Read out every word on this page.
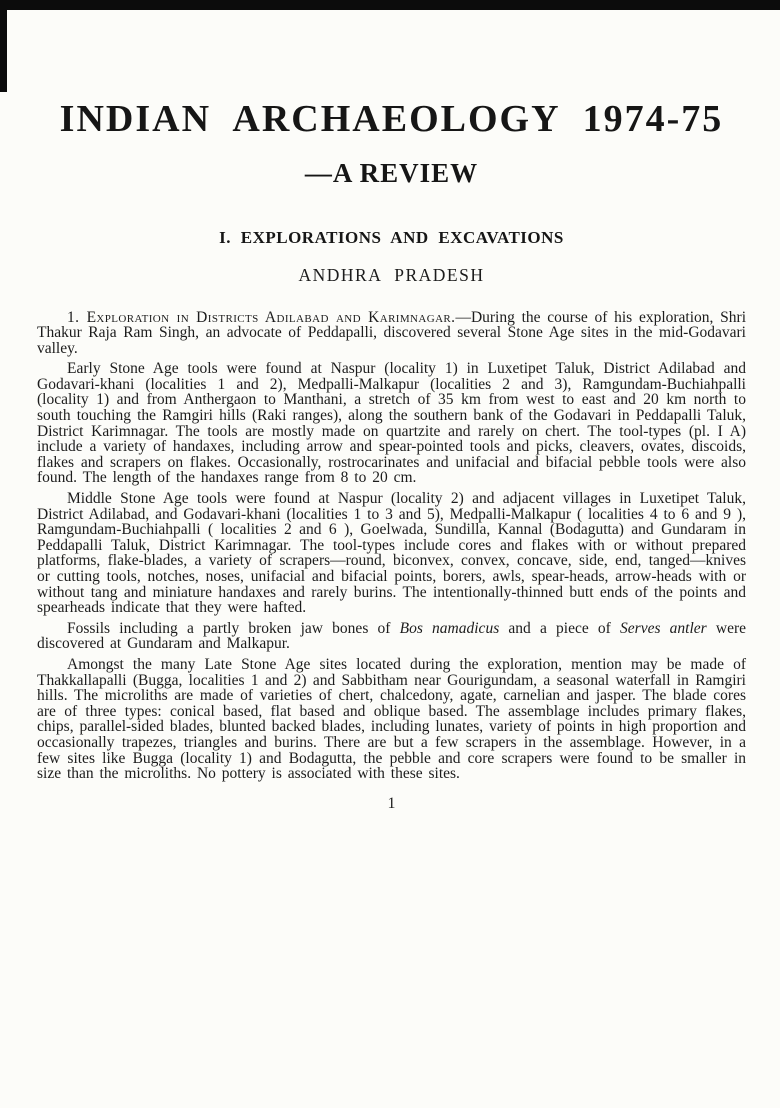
INDIAN ARCHAEOLOGY 1974-75
—A REVIEW
I. EXPLORATIONS AND EXCAVATIONS
ANDHRA PRADESH

1. Exploration in Districts Adilabad and Karimnagar.—During the course of his exploration, Shri Thakur Raja Ram Singh, an advocate of Peddapalli, discovered several Stone Age sites in the mid-Godavari valley.

Early Stone Age tools were found at Naspur (locality 1) in Luxetipet Taluk, District Adilabad and Godavari-khani (localities 1 and 2), Medpalli-Malkapur (localities 2 and 3), Ramgundam-Buchiahpalli (locality 1) and from Anthergaon to Manthani, a stretch of 35 km from west to east and 20 km north to south touching the Ramgiri hills (Raki ranges), along the southern bank of the Godavari in Peddapalli Taluk, District Karimnagar. The tools are mostly made on quartzite and rarely on chert. The tool-types (pl. I A) include a variety of handaxes, including arrow and spear-pointed tools and picks, cleavers, ovates, discoids, flakes and scrapers on flakes. Occasionally, rostrocarinates and unifacial and bifacial pebble tools were also found. The length of the handaxes range from 8 to 20 cm.

Middle Stone Age tools were found at Naspur (locality 2) and adjacent villages in Luxetipet Taluk, District Adilabad, and Godavari-khani (localities 1 to 3 and 5), Medpalli-Malkapur ( localities 4 to 6 and 9 ), Ramgundam-Buchiahpalli ( localities 2 and 6 ), Goelwada, Sundilla, Kannal (Bodagutta) and Gundaram in Peddapalli Taluk, District Karimnagar. The tool-types include cores and flakes with or without prepared platforms, flake-blades, a variety of scrapers—round, biconvex, convex, concave, side, end, tanged—knives or cutting tools, notches, noses, unifacial and bifacial points, borers, awls, spear-heads, arrow-heads with or without tang and miniature handaxes and rarely burins. The intentionally-thinned butt ends of the points and spearheads indicate that they were hafted.

Fossils including a partly broken jaw bones of Bos namadicus and a piece of Serves antler were discovered at Gundaram and Malkapur.

Amongst the many Late Stone Age sites located during the exploration, mention may be made of Thakkallapalli (Bugga, localities 1 and 2) and Sabbitham near Gourigundam, a seasonal waterfall in Ramgiri hills. The microliths are made of varieties of chert, chalcedony, agate, carnelian and jasper. The blade cores are of three types: conical based, flat based and oblique based. The assemblage includes primary flakes, chips, parallel-sided blades, blunted backed blades, including lunates, variety of points in high proportion and occasionally trapezes, triangles and burins. There are but a few scrapers in the assemblage. However, in a few sites like Bugga (locality 1) and Bodagutta, the pebble and core scrapers were found to be smaller in size than the microliths. No pottery is associated with these sites.

1
